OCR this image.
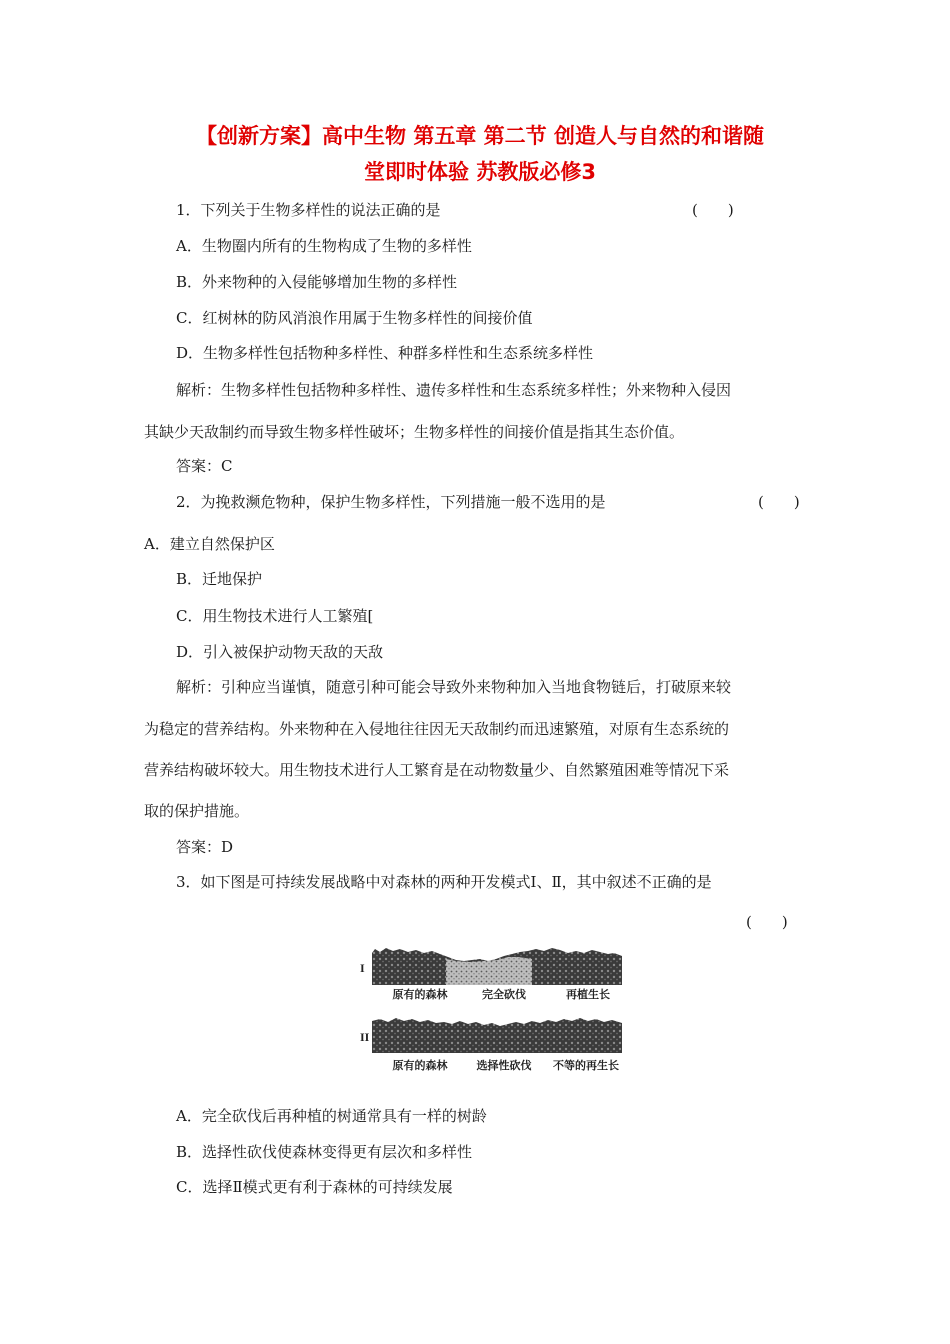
【创新方案】高中生物 第五章 第二节 创造人与自然的和谐随
堂即时体验 苏教版必修3
1．下列关于生物多样性的说法正确的是	(　　)
A．生物圈内所有的生物构成了生物的多样性
B．外来物种的入侵能够增加生物的多样性
C．红树林的防风消浪作用属于生物多样性的间接价值
D．生物多样性包括物种多样性、种群多样性和生态系统多样性
解析：生物多样性包括物种多样性、遗传多样性和生态系统多样性；外来物种入侵因
其缺少天敌制约而导致生物多样性破坏；生物多样性的间接价值是指其生态价值。
答案：C
2．为挽救濒危物种，保护生物多样性，下列措施一般不选用的是	(　　)
A．建立自然保护区
B．迁地保护
C．用生物技术进行人工繁殖[
D．引入被保护动物天敌的天敌
解析：引种应当谨慎，随意引种可能会导致外来物种加入当地食物链后，打破原来较
为稳定的营养结构。外来物种在入侵地往往因无天敌制约而迅速繁殖，对原有生态系统的
营养结构破坏较大。用生物技术进行人工繁育是在动物数量少、自然繁殖困难等情况下采
取的保护措施。
答案：D
3．如下图是可持续发展战略中对森林的两种开发模式Ⅰ、Ⅱ，其中叙述不正确的是
(　　)
I
原有的森林	完全砍伐	再植生长
II
原有的森林	选择性砍伐 不等的再生长
A．完全砍伐后再种植的树通常具有一样的树龄
B．选择性砍伐使森林变得更有层次和多样性
C．选择Ⅱ模式更有利于森林的可持续发展
